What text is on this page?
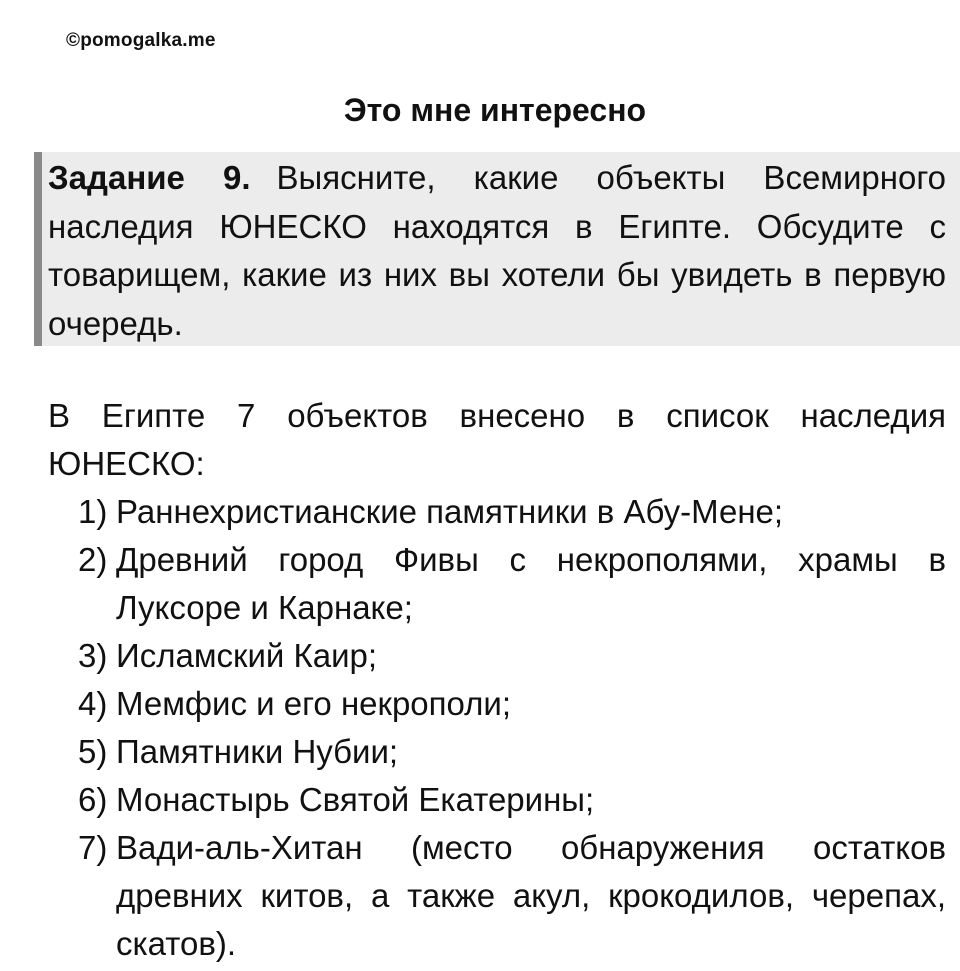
©pomogalka.me
Это мне интересно
Задание 9. Выясните, какие объекты Всемирного наследия ЮНЕСКО находятся в Египте. Обсудите с товарищем, какие из них вы хотели бы увидеть в первую очередь.
В Египте 7 объектов внесено в список наследия ЮНЕСКО:
1) Раннехристианские памятники в Абу-Мене;
2) Древний город Фивы с некрополями, храмы в Луксоре и Карнаке;
3) Исламский Каир;
4) Мемфис и его некрополи;
5) Памятники Нубии;
6) Монастырь Святой Екатерины;
7) Вади-аль-Хитан (место обнаружения остатков древних китов, а также акул, крокодилов, черепах, скатов).
